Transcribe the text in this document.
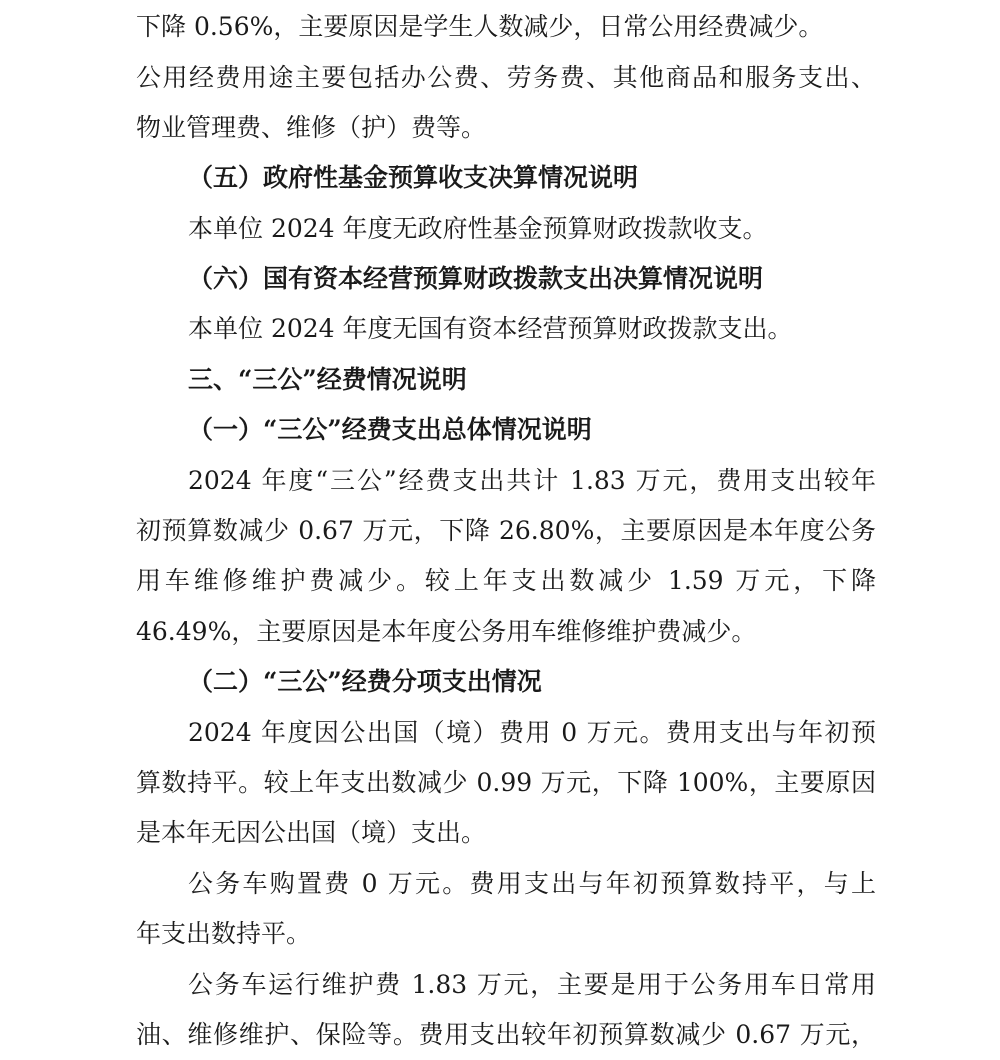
下降 0.56%，主要原因是学生人数减少，日常公用经费减少。
公用经费用途主要包括办公费、劳务费、其他商品和服务支出、
物业管理费、维修（护）费等。
（五）政府性基金预算收支决算情况说明
本单位 2024 年度无政府性基金预算财政拨款收支。
（六）国有资本经营预算财政拨款支出决算情况说明
本单位 2024 年度无国有资本经营预算财政拨款支出。
三、“三公”经费情况说明
（一）“三公”经费支出总体情况说明
2024 年度“三公”经费支出共计 1.83 万元，费用支出较年
初预算数减少 0.67 万元，下降 26.80%，主要原因是本年度公务
用车维修维护费减少。较上年支出数减少 1.59 万元，下降
46.49%，主要原因是本年度公务用车维修维护费减少。
（二）“三公”经费分项支出情况
2024 年度因公出国（境）费用 0 万元。费用支出与年初预
算数持平。较上年支出数减少 0.99 万元，下降 100%，主要原因
是本年无因公出国（境）支出。
公务车购置费 0 万元。费用支出与年初预算数持平，与上
年支出数持平。
公务车运行维护费 1.83 万元，主要是用于公务用车日常用
油、维修维护、保险等。费用支出较年初预算数减少 0.67 万元，
